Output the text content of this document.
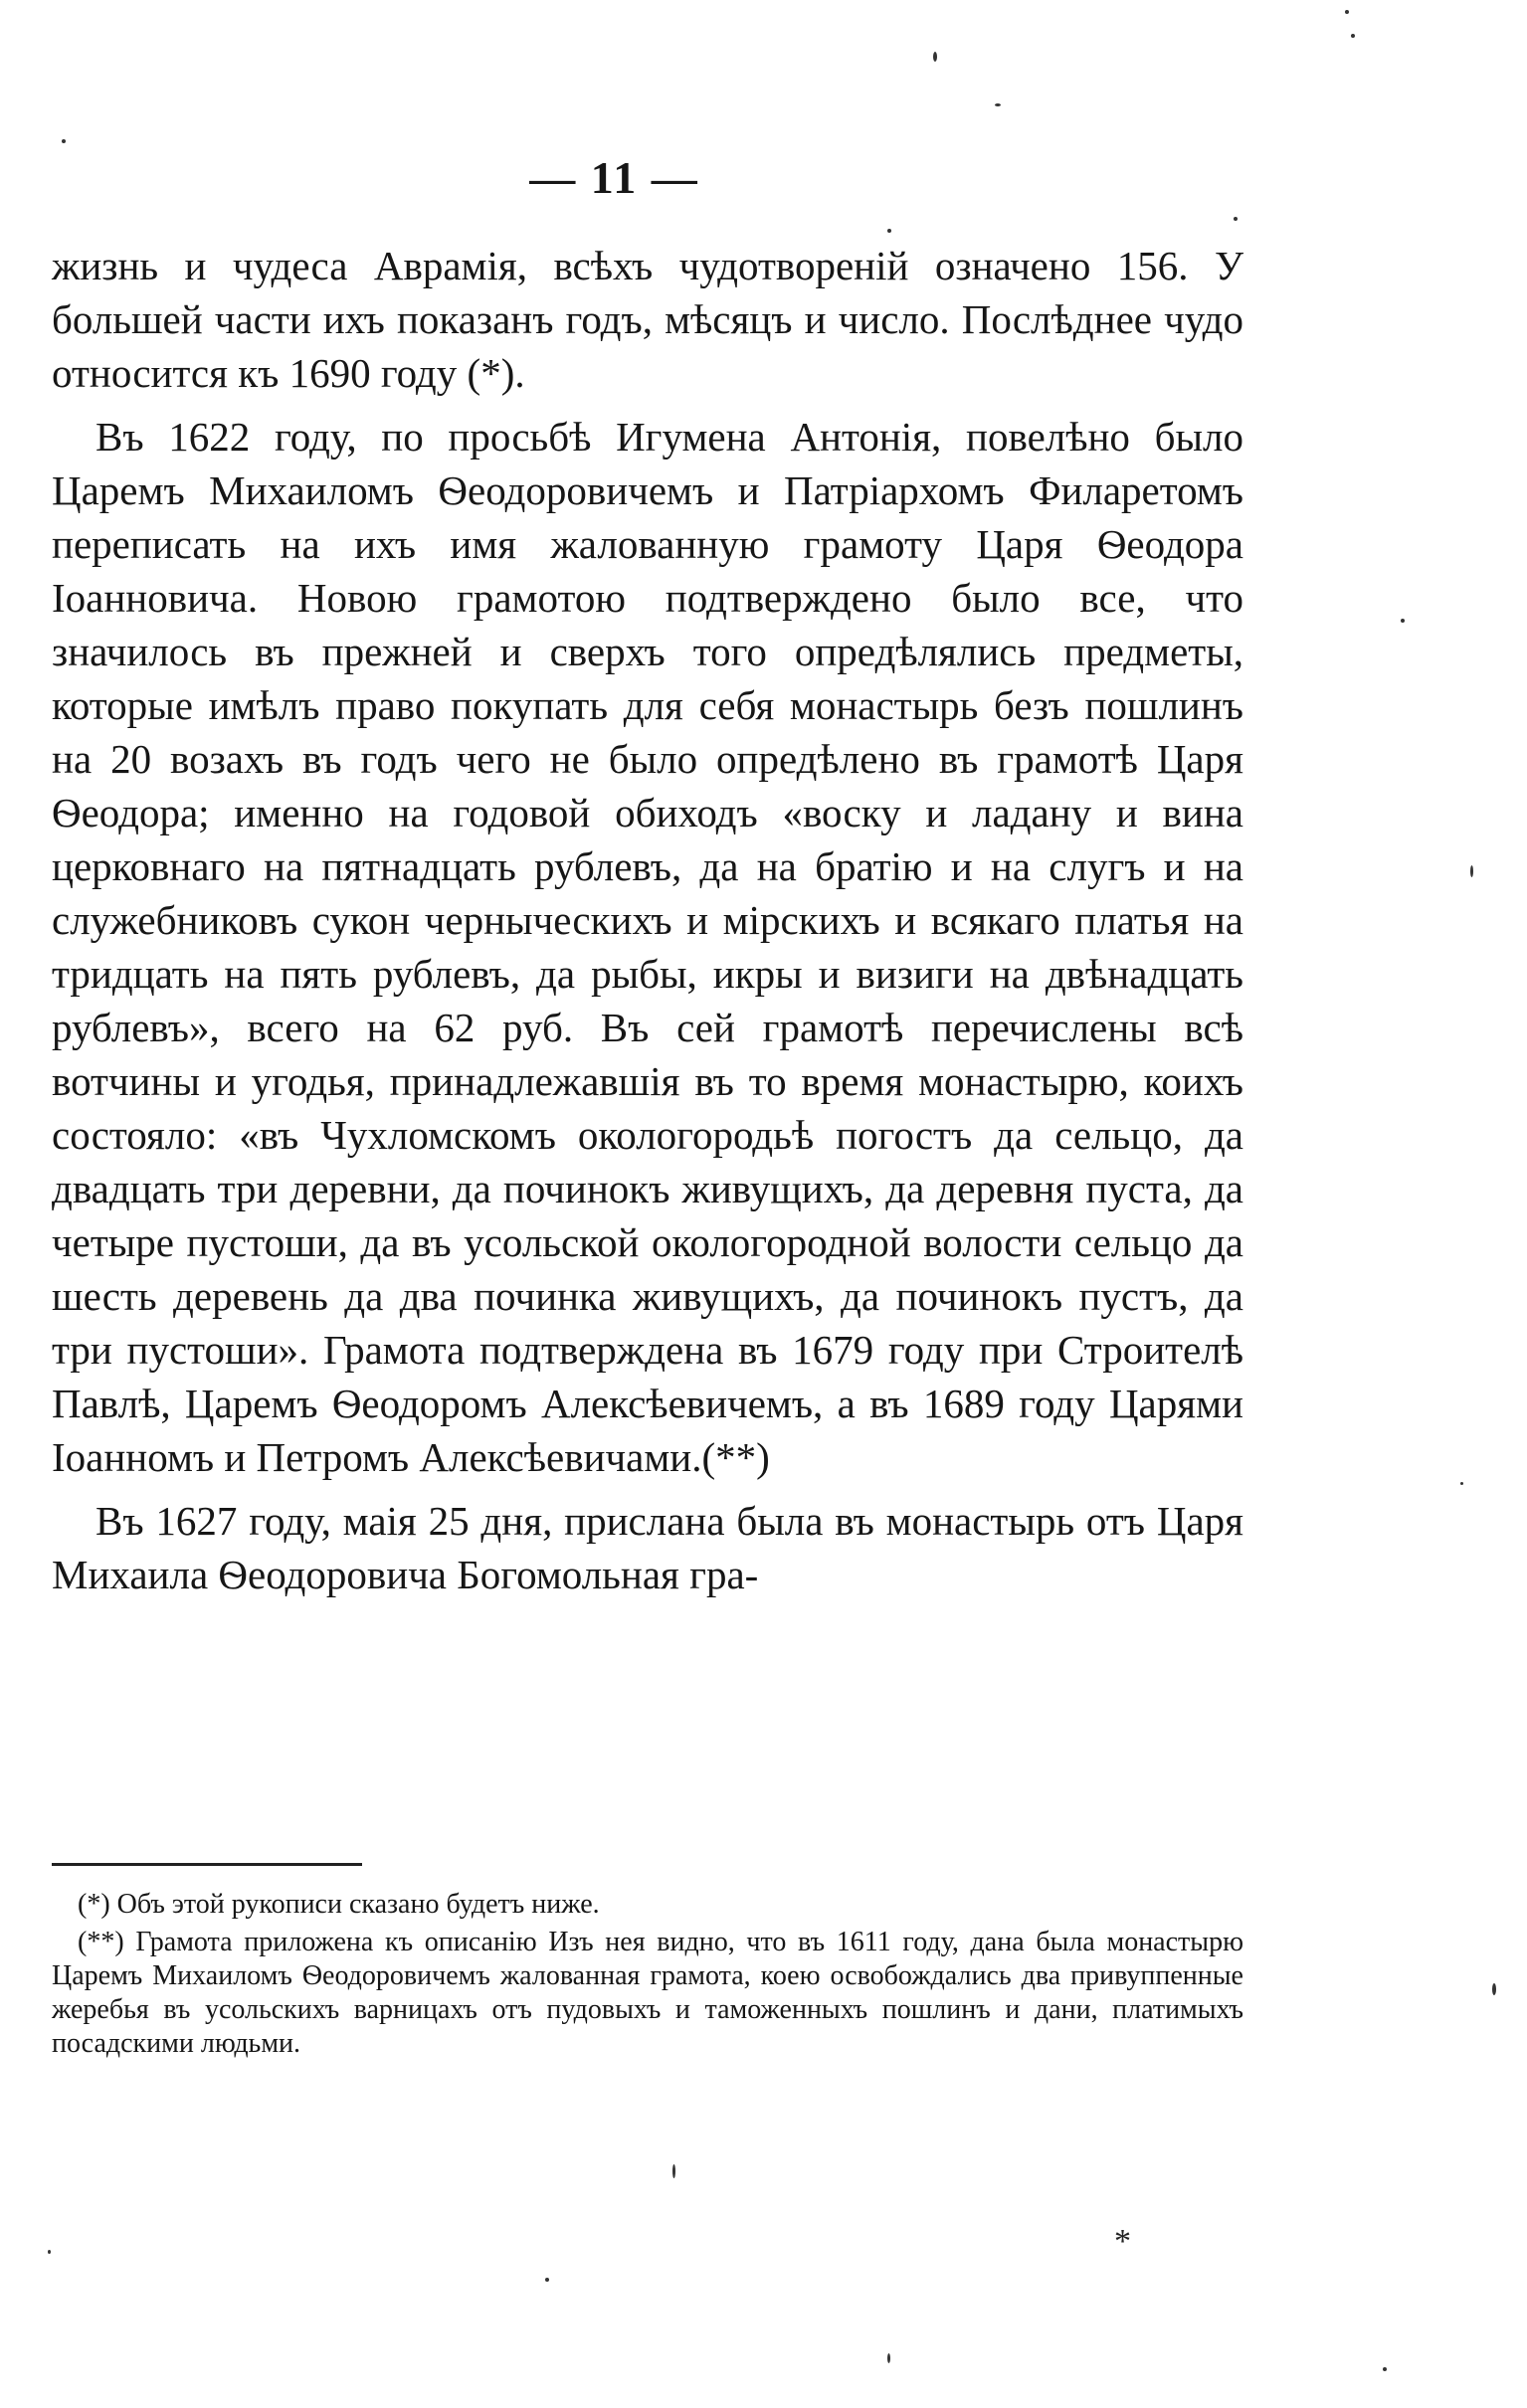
— 11 —

жизнь и чудеса Аврамія, всѣхъ чудотвореній означено 156. У большей части ихъ показанъ годъ, мѣсяцъ и число. Послѣднее чудо относится къ 1690 году (*).

Въ 1622 году, по просьбѣ Игумена Антонія, повелѣно было Царемъ Михаиломъ Ѳеодоровичемъ и Патріархомъ Филаретомъ переписать на ихъ имя жалованную грамоту Царя Ѳеодора Іоанновича. Новою грамотою подтверждено было все, что значилось въ прежней и сверхъ того опредѣлялись предметы, которые имѣлъ право покупать для себя монастырь безъ пошлинъ на 20 возахъ въ годъ чего не было опредѣлено въ грамотѣ Царя Ѳеодора; именно на годовой обиходъ «воску и ладану и вина церковнаго на пятнадцать рублевъ, да на братію и на слугъ и на служебниковъ сукон черныческихъ и мірскихъ и всякаго платья на тридцать на пять рублевъ, да рыбы, икры и визиги на двѣнадцать рублевъ», всего на 62 руб. Въ сей грамотѣ перечислены всѣ вотчины и угодья, принадлежавшія въ то время монастырю, коихъ состояло: «въ Чухломскомъ окологородьѣ погостъ да сельцо, да двадцать три деревни, да починокъ живущихъ, да деревня пуста, да четыре пустоши, да въ усольской окологородной волости сельцо да шесть деревень да два починка живущихъ, да починокъ пустъ, да три пустоши». Грамота подтверждена въ 1679 году при Строителѣ Павлѣ, Царемъ Ѳеодоромъ Алексѣевичемъ, а въ 1689 году Царями Іоанномъ и Петромъ Алексѣевичами.(**)

Въ 1627 году, маія 25 дня, прислана была въ монастырь отъ Царя Михаила Ѳеодоровича Богомольная гра-

(*) Объ этой рукописи сказано будетъ ниже.

(**) Грамота приложена къ описанію Изъ нея видно, что въ 1611 году, дана была монастырю Царемъ Михаиломъ Ѳеодоровичемъ жалованная грамота, коею освобождались два привуппенные жеребья въ усольскихъ варницахъ отъ пудовыхъ и таможенныхъ пошлинъ и дани, платимыхъ посадскими людьми.

*
